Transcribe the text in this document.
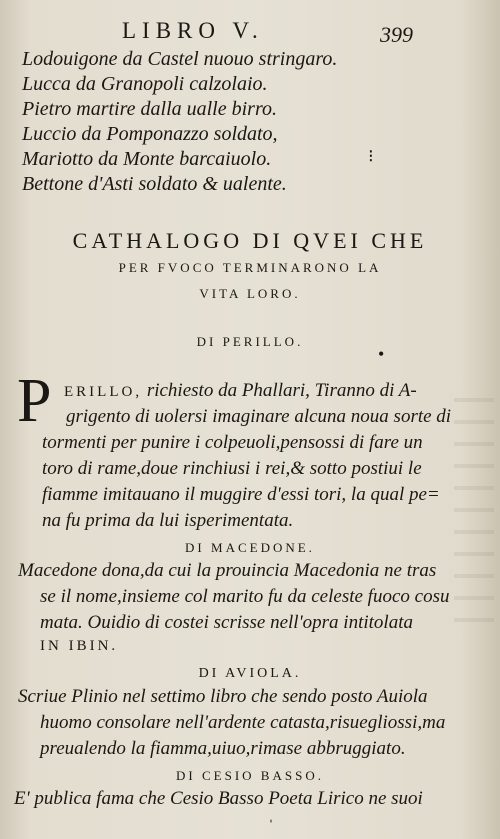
LIBRO V.	399
Lodouigone da Castel nuouo stringaro.
Lucca da Granopoli calzolaio.
Pietro martire dalla ualle birro.
Luccio da Pomponazzo soldato,
Mariotto da Monte barcaiuolo.
Bettone d'Asti soldato & ualente.
⁝
CATHALOGO DI QVEI CHE
PER FVOCO TERMINARONO LA
VITA LORO.
DI PERILLO.
•
P ERILLO, richiesto da Phallari, Tiranno di A-
grigento di uolersi imaginare alcuna noua sorte di
tormenti per punire i colpeuoli,pensossi di fare un
toro di rame,doue rinchiusi i rei,& sotto postiui le
fiamme imitauano il muggire d'essi tori, la qual pe=
na fu prima da lui isperimentata.
DI MACEDONE.
Macedone dona,da cui la prouincia Macedonia ne tras
se il nome,insieme col marito fu da celeste fuoco cosu
mata. Ouidio di costei scrisse nell'opra intitolata
IN IBIN.
DI AVIOLA.
Scriue Plinio nel settimo libro che sendo posto Auiola
huomo consolare nell'ardente catasta,risuegliossi,ma
preualendo la fiamma,uiuo,rimase abbruggiato.
DI CESIO BASSO.
E' publica fama che Cesio Basso Poeta Lirico ne suoi
ˈ
